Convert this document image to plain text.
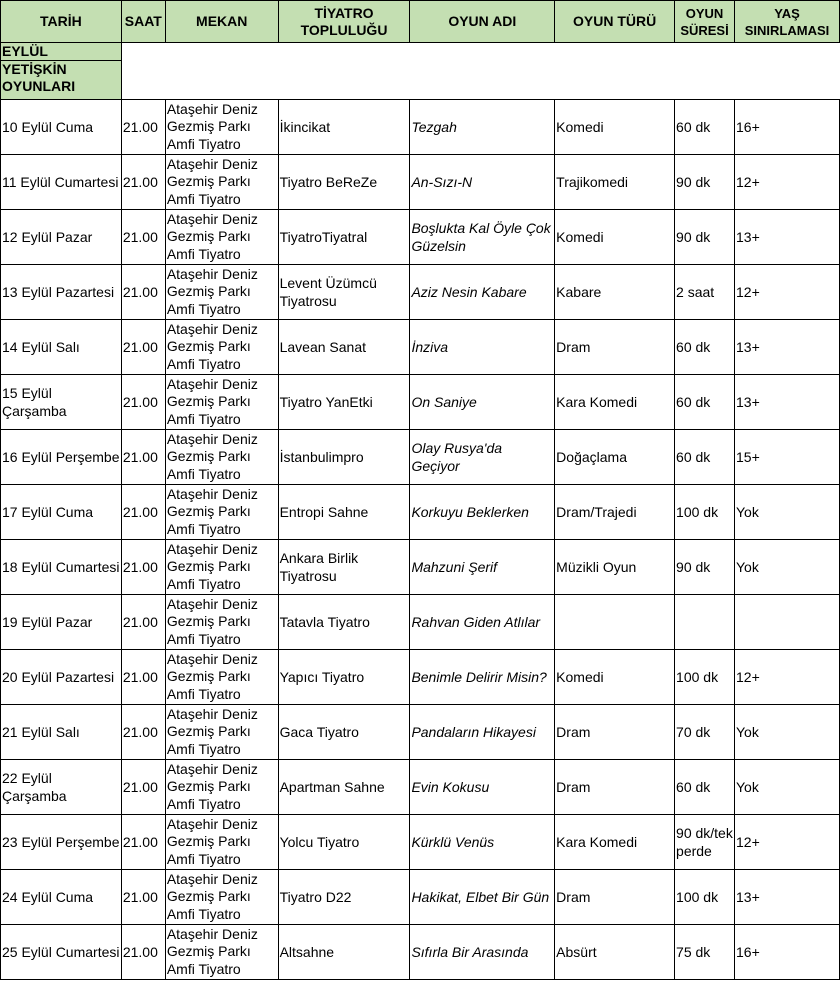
TARİH	SAAT	MEKAN	TİYATRO TOPLULUĞU	OYUN ADI	OYUN TÜRÜ	OYUN SÜRESİ	YAŞ SINIRLAMASI
EYLÜL							
YETİŞKİN OYUNLARI							
10 Eylül Cuma	21.00	Ataşehir Deniz Gezmiş Parkı Amfi Tiyatro	İkincikat	Tezgah	Komedi	60 dk	16+
11 Eylül Cumartesi	21.00	Ataşehir Deniz Gezmiş Parkı Amfi Tiyatro	Tiyatro BeReZe	An-Sızı-N	Trajikomedi	90 dk	12+
12 Eylül Pazar	21.00	Ataşehir Deniz Gezmiş Parkı Amfi Tiyatro	TiyatroTiyatral	Boşlukta Kal Öyle Çok Güzelsin	Komedi	90 dk	13+
13 Eylül Pazartesi	21.00	Ataşehir Deniz Gezmiş Parkı Amfi Tiyatro	Levent Üzümcü Tiyatrosu	Aziz Nesin Kabare	Kabare	2 saat	12+
14 Eylül Salı	21.00	Ataşehir Deniz Gezmiş Parkı Amfi Tiyatro	Lavean Sanat	İnziva	Dram	60 dk	13+
15 Eylül Çarşamba	21.00	Ataşehir Deniz Gezmiş Parkı Amfi Tiyatro	Tiyatro YanEtki	On Saniye	Kara Komedi	60 dk	13+
16 Eylül Perşembe	21.00	Ataşehir Deniz Gezmiş Parkı Amfi Tiyatro	İstanbulimpro	Olay Rusya'da Geçiyor	Doğaçlama	60 dk	15+
17 Eylül Cuma	21.00	Ataşehir Deniz Gezmiş Parkı Amfi Tiyatro	Entropi Sahne	Korkuyu Beklerken	Dram/Trajedi	100 dk	Yok
18 Eylül Cumartesi	21.00	Ataşehir Deniz Gezmiş Parkı Amfi Tiyatro	Ankara Birlik Tiyatrosu	Mahzuni Şerif	Müzikli Oyun	90 dk	Yok
19 Eylül Pazar	21.00	Ataşehir Deniz Gezmiş Parkı Amfi Tiyatro	Tatavla Tiyatro	Rahvan Giden Atlılar			
20 Eylül Pazartesi	21.00	Ataşehir Deniz Gezmiş Parkı Amfi Tiyatro	Yapıcı Tiyatro	Benimle Delirir Misin?	Komedi	100 dk	12+
21 Eylül Salı	21.00	Ataşehir Deniz Gezmiş Parkı Amfi Tiyatro	Gaca Tiyatro	Pandaların Hikayesi	Dram	70 dk	Yok
22 Eylül Çarşamba	21.00	Ataşehir Deniz Gezmiş Parkı Amfi Tiyatro	Apartman Sahne	Evin Kokusu	Dram	60 dk	Yok
23 Eylül Perşembe	21.00	Ataşehir Deniz Gezmiş Parkı Amfi Tiyatro	Yolcu Tiyatro	Kürklü Venüs	Kara Komedi	90 dk/tek perde	12+
24 Eylül Cuma	21.00	Ataşehir Deniz Gezmiş Parkı Amfi Tiyatro	Tiyatro D22	Hakikat, Elbet Bir Gün	Dram	100 dk	13+
25 Eylül Cumartesi	21.00	Ataşehir Deniz Gezmiş Parkı Amfi Tiyatro	Altsahne	Sıfırla Bir Arasında	Absürt	75 dk	16+
